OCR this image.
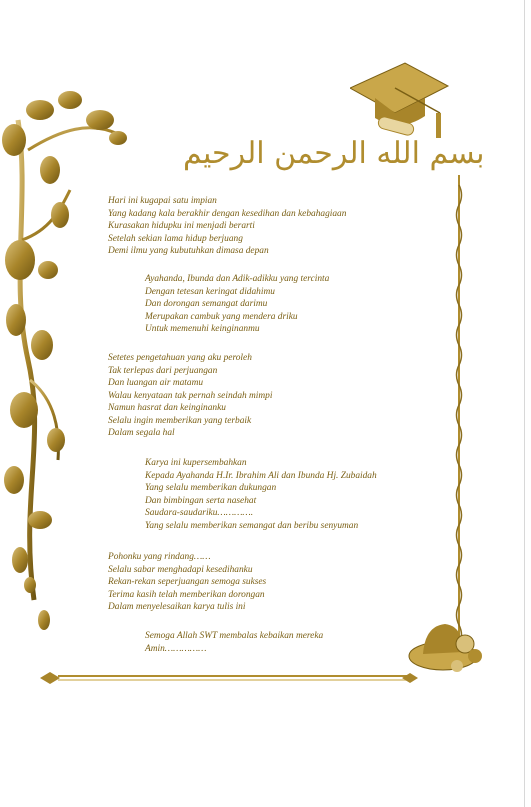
بسم الله الرحمن الرحيم
Hari ini kugapai satu impian
Yang kadang kala berakhir dengan kesedihan dan kebahagiaan
Kurasakan hidupku ini menjadi berarti
Setelah sekian lama hidup berjuang
Demi ilmu yang kubutuhkan dimasa depan
Ayahanda, Ibunda dan Adik-adikku yang tercinta
Dengan tetesan keringat didahimu
Dan dorongan semangat darimu
Merupakan cambuk yang mendera driku
Untuk memenuhi keinginanmu
Setetes pengetahuan yang aku peroleh
Tak terlepas dari perjuangan
Dan luangan air matamu
Walau kenyataan tak pernah seindah mimpi
Namun hasrat dan keinginanku
Selalu ingin memberikan yang terbaik
Dalam segala hal
Karya ini kupersembahkan
Kepada Ayahanda H.Ir. Ibrahim Ali dan Ibunda Hj. Zubaidah
Yang selalu memberikan dukungan
Dan bimbingan serta nasehat
Saudara-saudariku………….
Yang selalu memberikan semangat dan beribu senyuman
Pohonku yang rindang……
Selalu sabar menghadapi kesedihanku
Rekan-rekan seperjuangan semoga sukses
Terima kasih telah memberikan dorongan
Dalam menyelesaikan karya tulis ini
Semoga Allah SWT membalas kebaikan mereka
Amin……………
